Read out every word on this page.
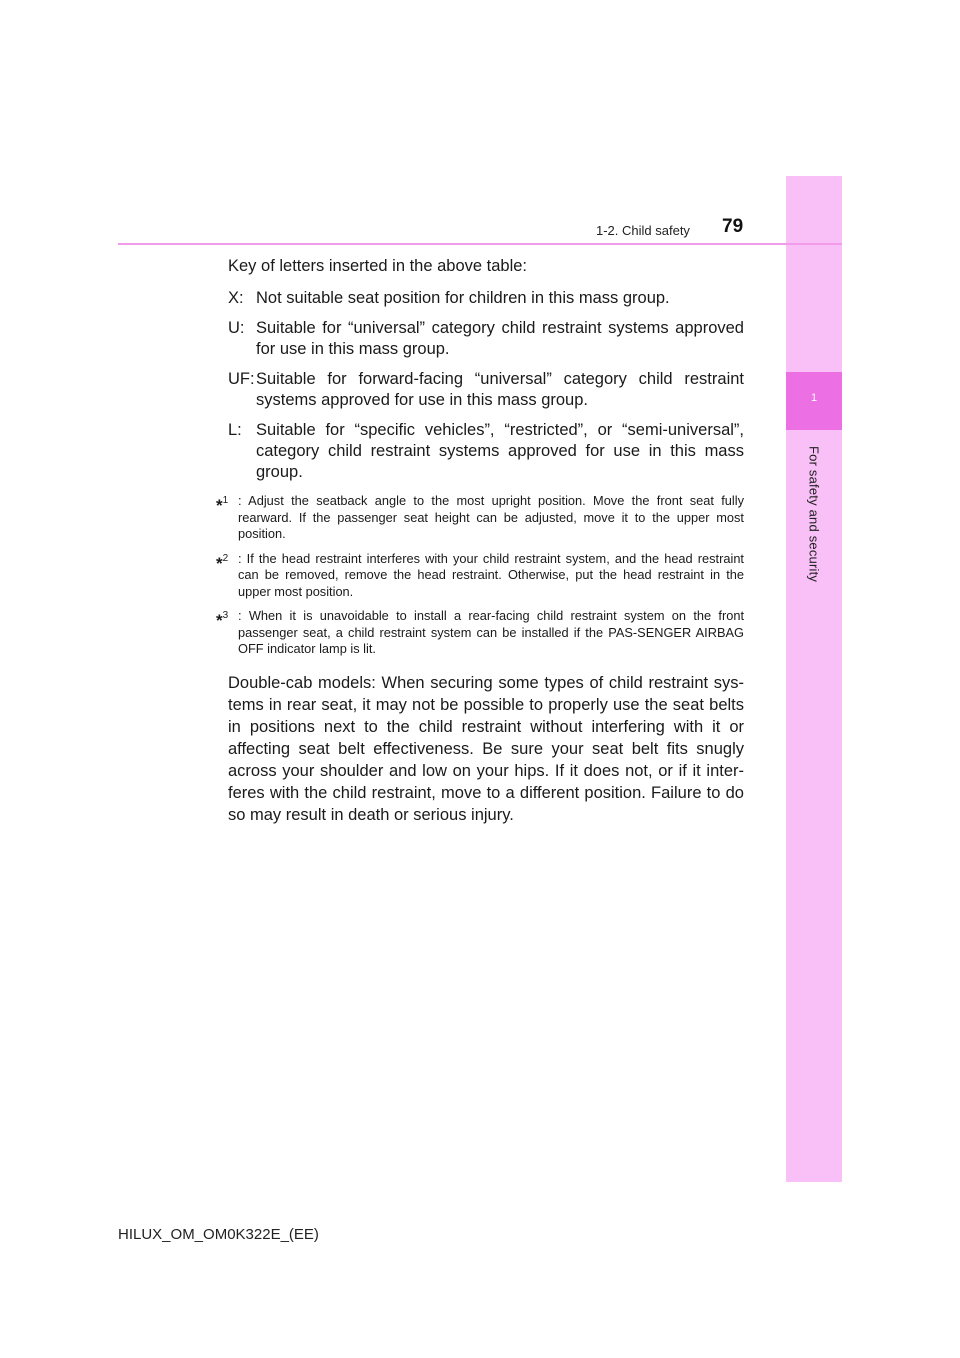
1
For safety and security
1-2. Child safety 79
Key of letters inserted in the above table:
X: Not suitable seat position for children in this mass group.
U: Suitable for “universal” category child restraint systems approved for use in this mass group.
UF: Suitable for forward-facing “universal” category child restraint systems approved for use in this mass group.
L: Suitable for “specific vehicles”, “restricted”, or “semi-universal”, category child restraint systems approved for use in this mass group.
*$^1$ : Adjust the seatback angle to the most upright position. Move the front seat fully rearward. If the passenger seat height can be adjusted, move it to the upper most position.
*$^2$ : If the head restraint interferes with your child restraint system, and the head restraint can be removed, remove the head restraint. Otherwise, put the head restraint in the upper most position.
*$^3$ : When it is unavoidable to install a rear-facing child restraint system on the front passenger seat, a child restraint system can be installed if the PAS-SENGER AIRBAG OFF indicator lamp is lit.
Double-cab models: When securing some types of child restraint sys-tems in rear seat, it may not be possible to properly use the seat belts in positions next to the child restraint without interfering with it or affecting seat belt effectiveness. Be sure your seat belt fits snugly across your shoulder and low on your hips. If it does not, or if it inter-feres with the child restraint, move to a different position. Failure to do so may result in death or serious injury.
HILUX_OM_OM0K322E_(EE)
